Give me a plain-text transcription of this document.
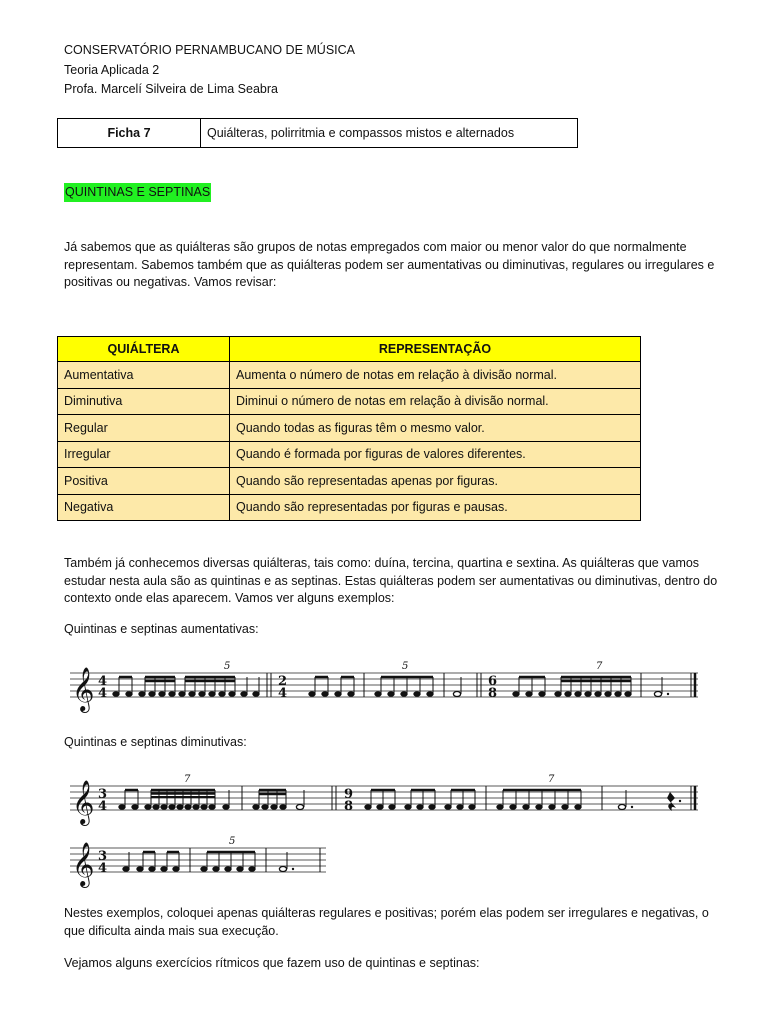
CONSERVATÓRIO PERNAMBUCANO DE MÚSICA
Teoria Aplicada 2
Profa. Marcelí Silveira de Lima Seabra
Ficha 7	Quiálteras, polirritmia e compassos mistos e alternados
QUINTINAS E SEPTINAS
Já sabemos que as quiálteras são grupos de notas empregados com maior ou menor valor do que normalmente representam. Sabemos também que as quiálteras podem ser aumentativas ou diminutivas, regulares ou irregulares e positivas ou negativas. Vamos revisar:
QUIÁLTERA	REPRESENTAÇÃO
Aumentativa	Aumenta o número de notas em relação à divisão normal.
Diminutiva	Diminui o número de notas em relação à divisão normal.
Regular	Quando todas as figuras têm o mesmo valor.
Irregular	Quando é formada por figuras de valores diferentes.
Positiva	Quando são representadas apenas por figuras.
Negativa	Quando são representadas por figuras e pausas.
Também já conhecemos diversas quiálteras, tais como: duína, tercina, quartina e sextina. As quiálteras que vamos estudar nesta aula são as quintinas e as septinas. Estas quiálteras podem ser aumentativas ou diminutivas, dentro do contexto onde elas aparecem. Vamos ver alguns exemplos:
Quintinas e septinas aumentativas:
𝄞 4
4
5
2
4
5
6
8
7
Quintinas e septinas diminutivas:
𝄞 3
4
7
9
8
7
𝄞 3
4
5
Nestes exemplos, coloquei apenas quiálteras regulares e positivas; porém elas podem ser irregulares e negativas, o que dificulta ainda mais sua execução.
Vejamos alguns exercícios rítmicos que fazem uso de quintinas e septinas:
